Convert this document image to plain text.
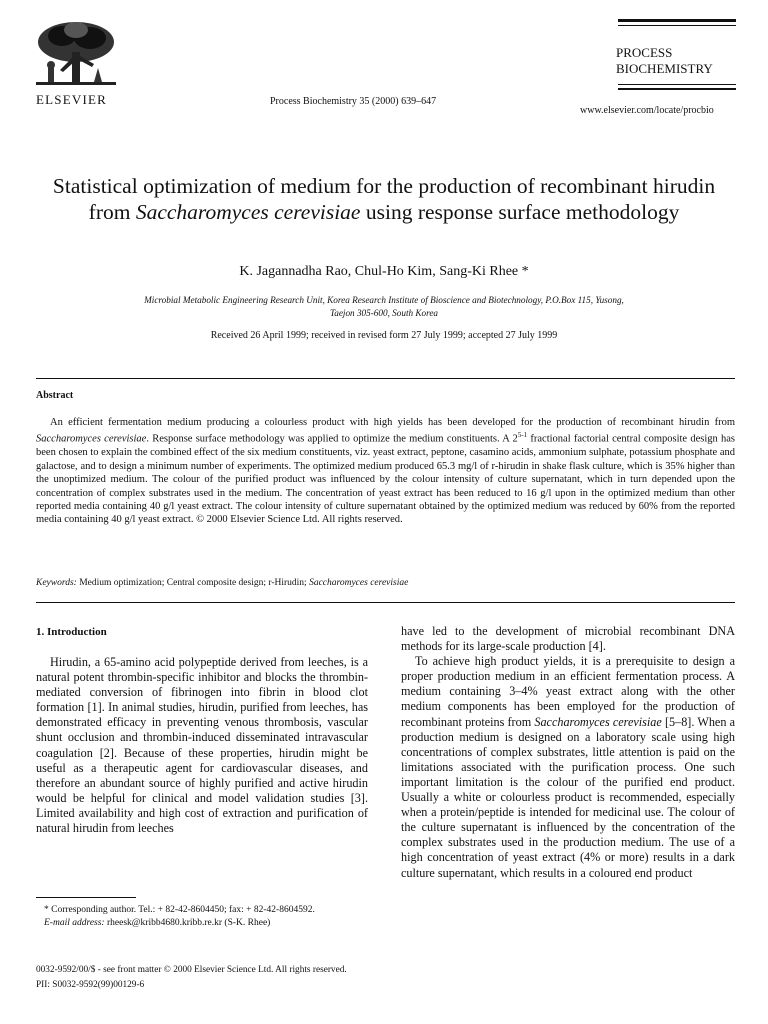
ELSEVIER	Process Biochemistry 35 (2000) 639–647
PROCESS
BIOCHEMISTRY
www.elsevier.com/locate/procbio
Statistical optimization of medium for the production of recombinant hirudin from Saccharomyces cerevisiae using response surface methodology
K. Jagannadha Rao, Chul-Ho Kim, Sang-Ki Rhee *
Microbial Metabolic Engineering Research Unit, Korea Research Institute of Bioscience and Biotechnology, P.O.Box 115, Yusong,
Taejon 305-600, South Korea
Received 26 April 1999; received in revised form 27 July 1999; accepted 27 July 1999
Abstract
An efficient fermentation medium producing a colourless product with high yields has been developed for the production of recombinant hirudin from Saccharomyces cerevisiae. Response surface methodology was applied to optimize the medium constituents. A 2$^{5-1}$ fractional factorial central composite design has been chosen to explain the combined effect of the six medium constituents, viz. yeast extract, peptone, casamino acids, ammonium sulphate, potassium phosphate and galactose, and to design a minimum number of experiments. The optimized medium produced 65.3 mg/l of r-hirudin in shake flask culture, which is 35% higher than the unoptimized medium. The colour of the purified product was influenced by the colour intensity of culture supernatant, which in turn depended upon the concentration of complex substrates used in the medium. The concentration of yeast extract has been reduced to 16 g/l upon in the optimized medium than other reported media containing 40 g/l yeast extract. The colour intensity of culture supernatant obtained by the optimized medium was reduced by 60% from the reported media containing 40 g/l yeast extract. © 2000 Elsevier Science Ltd. All rights reserved.
Keywords: Medium optimization; Central composite design; r-Hirudin; Saccharomyces cerevisiae
1. Introduction

Hirudin, a 65-amino acid polypeptide derived from leeches, is a natural potent thrombin-specific inhibitor and blocks the thrombin-mediated conversion of fibrinogen into fibrin in blood clot formation [1]. In animal studies, hirudin, purified from leeches, has demonstrated efficacy in preventing venous thrombosis, vascular shunt occlusion and thrombin-induced disseminated intravascular coagulation [2]. Because of these properties, hirudin might be useful as a therapeutic agent for cardiovascular diseases, and therefore an abundant source of highly purified and active hirudin would be helpful for clinical and model validation studies [3]. Limited availability and high cost of extraction and purification of natural hirudin from leeches

have led to the development of microbial recombinant DNA methods for its large-scale production [4].

To achieve high product yields, it is a prerequisite to design a proper production medium in an efficient fermentation process. A medium containing 3–4% yeast extract along with the other medium components has been employed for the production of recombinant proteins from Saccharomyces cerevisiae [5–8]. When a production medium is designed on a laboratory scale using high concentrations of complex substrates, little attention is paid on the limitations associated with the purification process. One such important limitation is the colour of the purified end product. Usually a white or colourless product is recommended, especially when a protein/peptide is intended for medicinal use. The colour of the culture supernatant is influenced by the concentration of the complex substrates used in the production medium. The use of a high concentration of yeast extract (4% or more) results in a dark culture supernatant, which results in a coloured end product

* Corresponding author. Tel.: + 82-42-8604450; fax: + 82-42-8604592.
E-mail address: rheesk@kribb4680.kribb.re.kr (S-K. Rhee)
0032-9592/00/$ - see front matter © 2000 Elsevier Science Ltd. All rights reserved.
PII: S0032-9592(99)00129-6
